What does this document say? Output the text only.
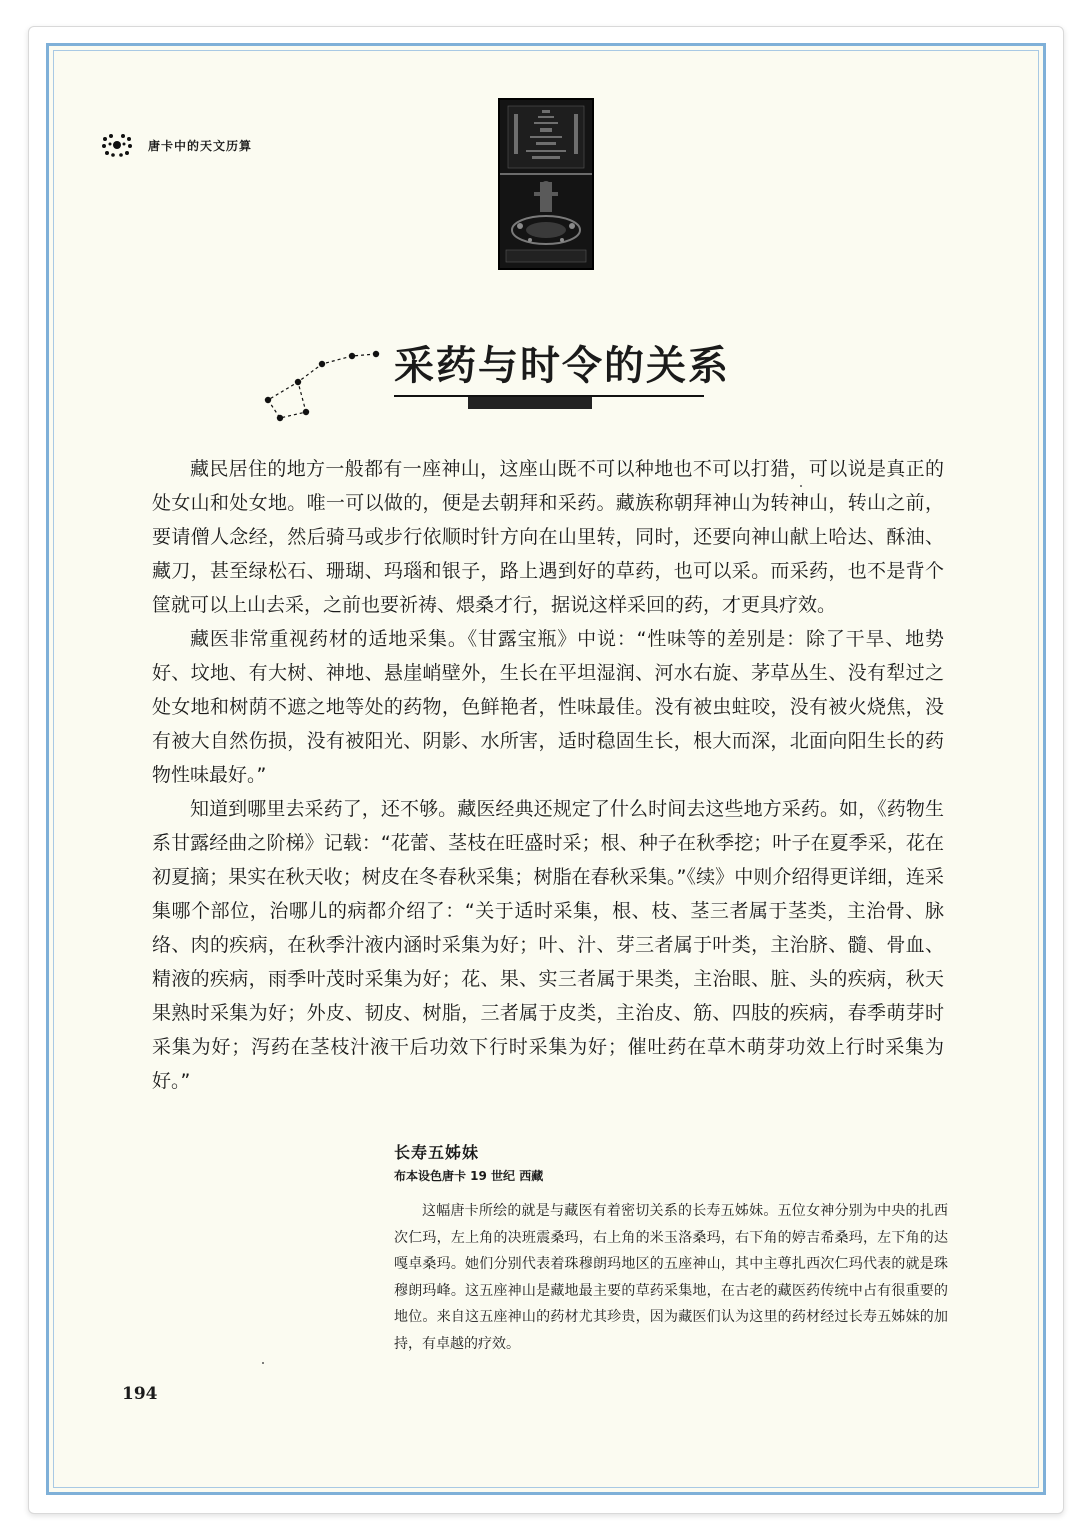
唐卡中的天文历算
采药与时令的关系

藏民居住的地方一般都有一座神山，这座山既不可以种地也不可以打猎，可以说是真正的处女山和处女地。唯一可以做的，便是去朝拜和采药。藏族称朝拜神山为转神山，转山之前，要请僧人念经，然后骑马或步行依顺时针方向在山里转，同时，还要向神山献上哈达、酥油、藏刀，甚至绿松石、珊瑚、玛瑙和银子，路上遇到好的草药，也可以采。而采药，也不是背个筐就可以上山去采，之前也要祈祷、煨桑才行，据说这样采回的药，才更具疗效。

藏医非常重视药材的适地采集。《甘露宝瓶》中说：“性味等的差别是：除了干旱、地势好、坟地、有大树、神地、悬崖峭壁外，生长在平坦湿润、河水右旋、茅草丛生、没有犁过之处女地和树荫不遮之地等处的药物，色鲜艳者，性味最佳。没有被虫蛀咬，没有被火烧焦，没有被大自然伤损，没有被阳光、阴影、水所害，适时稳固生长，根大而深，北面向阳生长的药物性味最好。”

知道到哪里去采药了，还不够。藏医经典还规定了什么时间去这些地方采药。如，《药物生系甘露经曲之阶梯》记载：“花蕾、茎枝在旺盛时采；根、种子在秋季挖；叶子在夏季采，花在初夏摘；果实在秋天收；树皮在冬春秋采集；树脂在春秋采集。”《续》中则介绍得更详细，连采集哪个部位，治哪儿的病都介绍了：“关于适时采集，根、枝、茎三者属于茎类，主治骨、脉络、肉的疾病，在秋季汁液内涵时采集为好；叶、汁、芽三者属于叶类，主治脐、髓、骨血、精液的疾病，雨季叶茂时采集为好；花、果、实三者属于果类，主治眼、脏、头的疾病，秋天果熟时采集为好；外皮、韧皮、树脂，三者属于皮类，主治皮、筋、四肢的疾病，春季萌芽时采集为好；泻药在茎枝汁液干后功效下行时采集为好；催吐药在草木萌芽功效上行时采集为好。”

长寿五姊妹
布本设色唐卡 19 世纪 西藏
这幅唐卡所绘的就是与藏医有着密切关系的长寿五姊妹。五位女神分别为中央的扎西次仁玛，左上角的决班震桑玛，右上角的米玉洛桑玛，右下角的婷吉希桑玛，左下角的达嘎卓桑玛。她们分别代表着珠穆朗玛地区的五座神山，其中主尊扎西次仁玛代表的就是珠穆朗玛峰。这五座神山是藏地最主要的草药采集地，在古老的藏医药传统中占有很重要的地位。来自这五座神山的药材尤其珍贵，因为藏医们认为这里的药材经过长寿五姊妹的加持，有卓越的疗效。
194
